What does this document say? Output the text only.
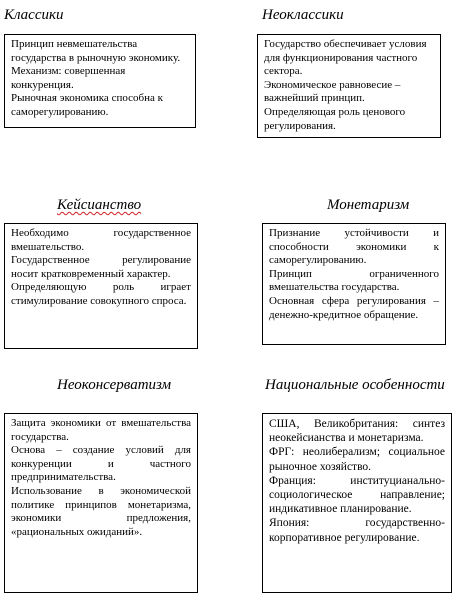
Классики	Неоклассики

Принцип невмешательства государства в рыночную экономику.

Механизм: совершенная конкуренция.

Рыночная экономика способна к саморегулированию.

Государство обеспечивает условия для функционирования частного сектора.

Экономическое равновесие – важнейший принцип.

Определяющая роль ценового регулирования.

Кейсианство	Монетаризм

Необходимо государственное вмешательство.

Государственное регулирование носит кратковременный характер.

Определяющую роль играет стимулирование совокупного спроса.

Признание устойчивости и способности экономики к саморегулированию.

Принцип ограниченного вмешательства государства.

Основная сфера регулирования – денежно-кредитное обращение.

Неоконсерватизм	Национальные особенности

Защита экономики от вмешательства государства.

Основа – создание условий для конкуренции и частного предпринимательства.

Использование в экономической политике принципов монетаризма, экономики предложения, «рациональных ожиданий».

США, Великобритания: синтез неокейсианства и монетаризма.

ФРГ: неолиберализм; социальное рыночное хозяйство.

Франция: институцианально-социологическое направление; индикативное планирование.

Япония: государственно-корпоративное регулирование.
